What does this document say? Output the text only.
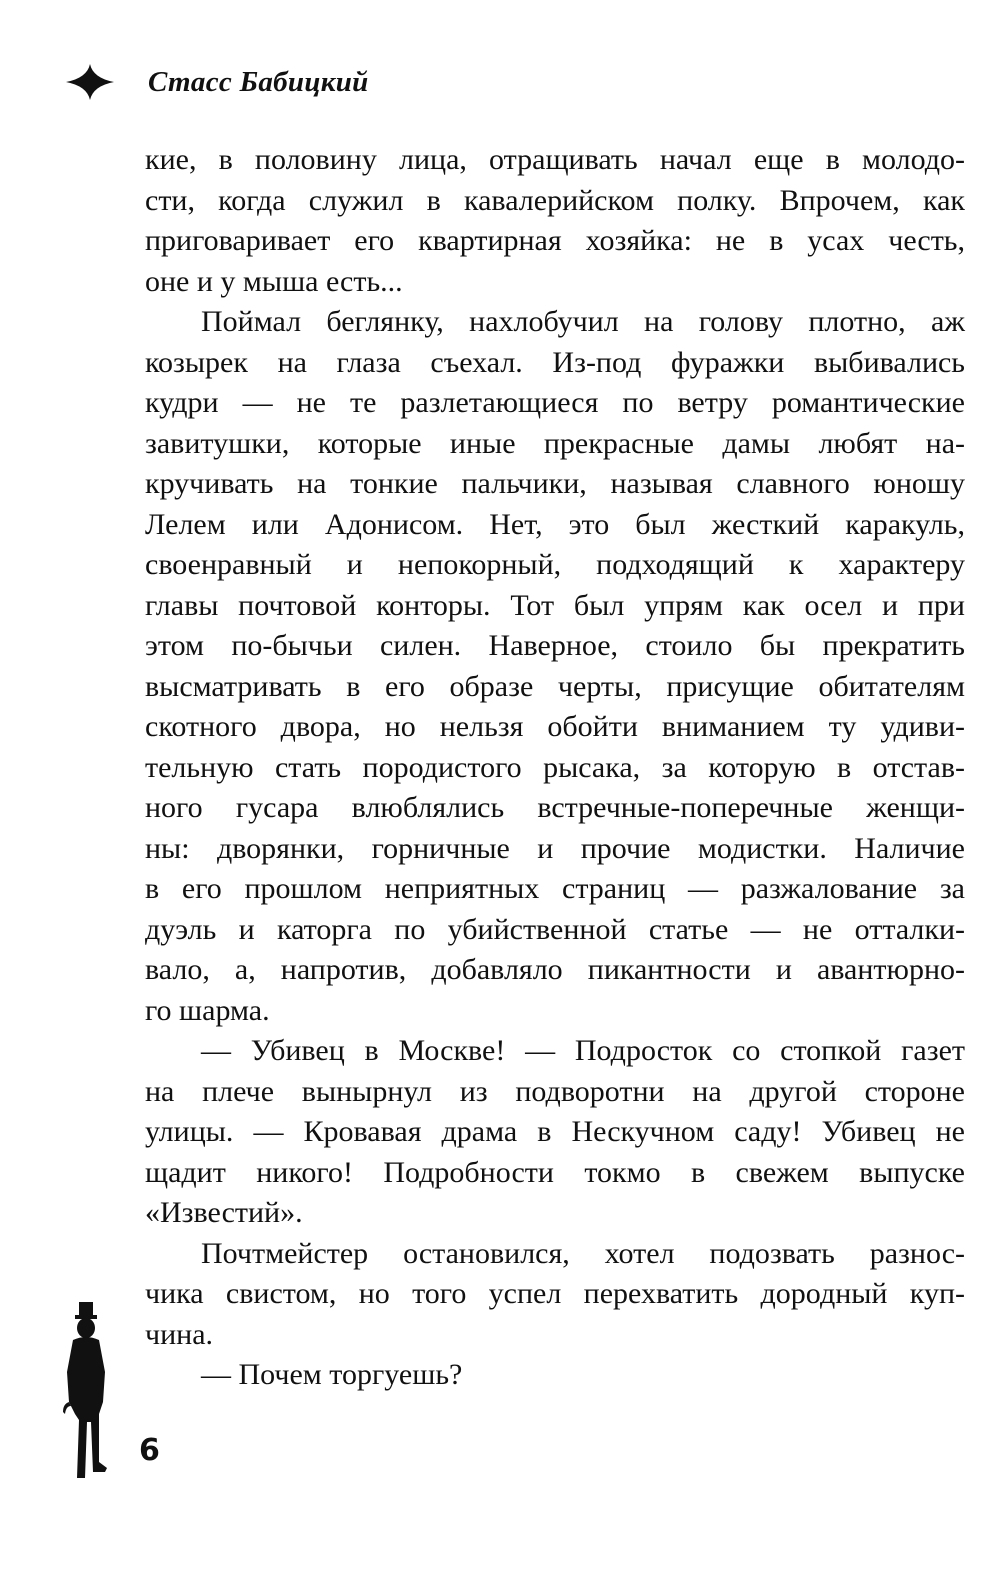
Стасс Бабицкий
кие, в половину лица, отращивать начал еще в молодо-
сти, когда служил в кавалерийском полку. Впрочем, как
приговаривает его квартирная хозяйка: не в усах честь,
оне и у мыша есть...
Поймал беглянку, нахлобучил на голову плотно, аж
козырек на глаза съехал. Из-под фуражки выбивались
кудри — не те разлетающиеся по ветру романтические
завитушки, которые иные прекрасные дамы любят на-
кручивать на тонкие пальчики, называя славного юношу
Лелем или Адонисом. Нет, это был жесткий каракуль,
своенравный и непокорный, подходящий к характеру
главы почтовой конторы. Тот был упрям как осел и при
этом по-бычьи силен. Наверное, стоило бы прекратить
высматривать в его образе черты, присущие обитателям
скотного двора, но нельзя обойти вниманием ту удиви-
тельную стать породистого рысака, за которую в отстав-
ного гусара влюблялись встречные-поперечные женщи-
ны: дворянки, горничные и прочие модистки. Наличие
в его прошлом неприятных страниц — разжалование за
дуэль и каторга по убийственной статье — не отталки-
вало, а, напротив, добавляло пикантности и авантюрно-
го шарма.
— Убивец в Москве! — Подросток со стопкой газет
на плече вынырнул из подворотни на другой стороне
улицы. — Кровавая драма в Нескучном саду! Убивец не
щадит никого! Подробности токмо в свежем выпуске
«Известий».
Почтмейстер остановился, хотел подозвать разнос-
чика свистом, но того успел перехватить дородный куп-
чина.
— Почем торгуешь?
6
